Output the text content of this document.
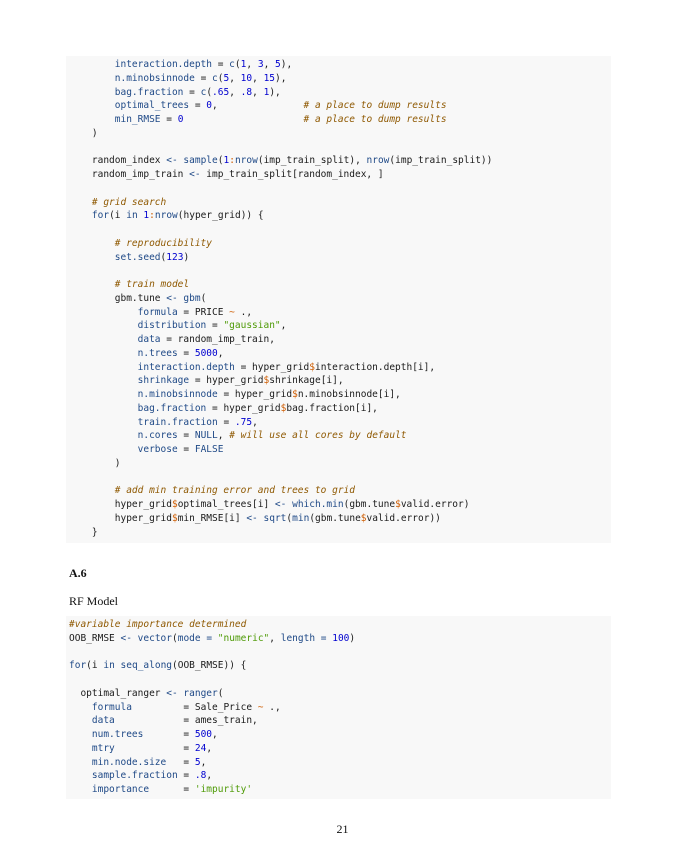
interaction.depth = c(1, 3, 5),
n.minobsinnode = c(5, 10, 15),
bag.fraction = c(.65, .8, 1),
optimal_trees = 0,               # a place to dump results
min_RMSE = 0	# a place to dump results
)
random_index <- sample(1:nrow(imp_train_split), nrow(imp_train_split))
random_imp_train <- imp_train_split[random_index, ]
# grid search
for(i in 1:nrow(hyper_grid)) {
# reproducibility
set.seed(123)
# train model
gbm.tune <- gbm(
formula = PRICE ~ .,
distribution = "gaussian",
data = random_imp_train,
n.trees = 5000,
interaction.depth = hyper_grid$interaction.depth[i],
shrinkage = hyper_grid$shrinkage[i],
n.minobsinnode = hyper_grid$n.minobsinnode[i],
bag.fraction = hyper_grid$bag.fraction[i],
train.fraction = .75,
n.cores = NULL, # will use all cores by default
verbose = FALSE
)
# add min training error and trees to grid
hyper_grid$optimal_trees[i] <- which.min(gbm.tune$valid.error)
hyper_grid$min_RMSE[i] <- sqrt(min(gbm.tune$valid.error))
}
A.6
RF Model
#variable importance determined
OOB_RMSE <- vector(mode = "numeric", length = 100)
for(i in seq_along(OOB_RMSE)) {
optimal_ranger <- ranger(
formula         = Sale_Price ~ .,
data            = ames_train,
num.trees       = 500,
mtry            = 24,
min.node.size   = 5,
sample.fraction = .8,
importance      = 'impurity'
21
